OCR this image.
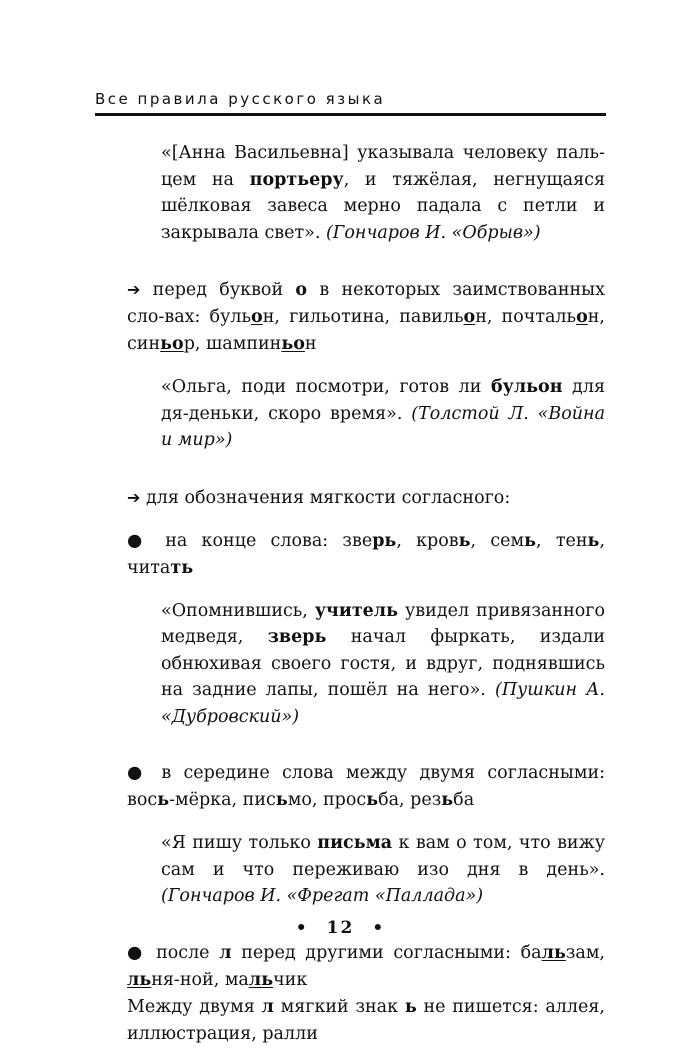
Все правила русского языка

«[Анна Васильевна] указывала человеку паль-цем на портьеру, и тяжёлая, негнущаяся шёлковая завеса мерно падала с петли и закрывала свет». (Гончаров И. «Обрыв»)

➔ перед буквой о в некоторых заимствованных сло-вах: бульон, гильотина, павильон, почтальон, синьор, шампиньон

«Ольга, поди посмотри, готов ли бульон для дя-деньки, скоро время». (Толстой Л. «Война и мир»)

➔ для обозначения мягкости согласного:

● на конце слова: зверь, кровь, семь, тень, читать

«Опомнившись, учитель увидел привязанного медведя, зверь начал фыркать, издали обнюхивая своего гостя, и вдруг, поднявшись на задние лапы, пошёл на него». (Пушкин А. «Дубровский»)

● в середине слова между двумя согласными: вось-мёрка, письмо, просьба, резьба

«Я пишу только письма к вам о том, что вижу сам и что переживаю изо дня в день». (Гончаров И. «Фрегат «Паллада»)

● после л перед другими согласными: бальзам, льня-ной, мальчик

Между двумя л мягкий знак ь не пишется: аллея, иллюстрация, ралли

• 12 •
